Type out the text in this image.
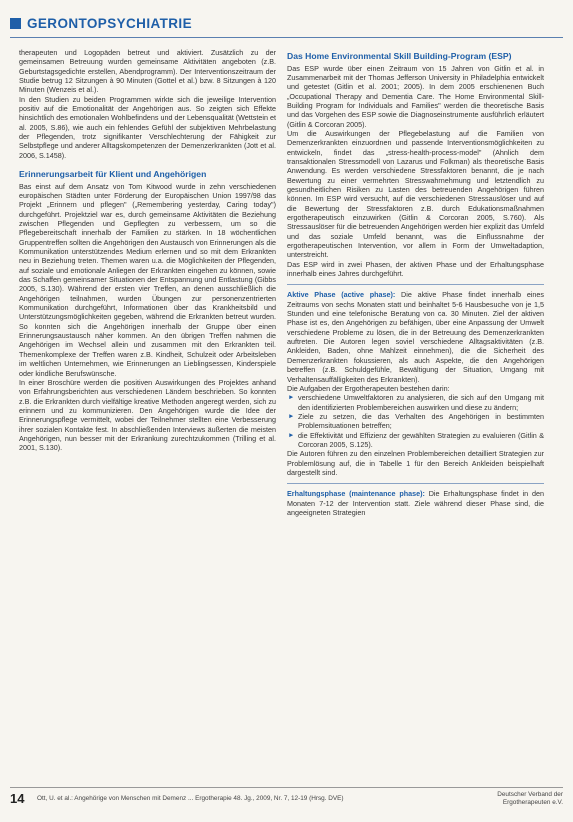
GERONTOPSYCHIATRIE

therapeuten und Logopäden betreut und aktiviert. Zusätzlich zu der gemeinsamen Betreuung wurden gemeinsame Aktivitäten angeboten (z.B. Geburtstagsgedichte erstellen, Abendprogramm). Der Interventionszeitraum der Studie betrug 12 Sitzungen à 90 Minuten (Gottel et al.) bzw. 8 Sitzungen à 120 Minuten (Wenzeis et al.).

In den Studien zu beiden Programmen wirkte sich die jeweilige Intervention positiv auf die Emotionalität der Angehörigen aus. So zeigten sich Effekte hinsichtlich des emotionalen Wohlbefindens und der Lebensqualität (Wettstein et al. 2005, S.86), wie auch ein fehlendes Gefühl der subjektiven Mehrbelastung der Pflegenden, trotz signifikanter Verschlechterung der Fähigkeit zur Selbstpflege und anderer Alltagskompetenzen der Demenzerkrankten (Jott et al. 2006, S.1458).

Erinnerungsarbeit für Klient und Angehörigen

Bas einst auf dem Ansatz von Tom Kitwood wurde in zehn verschiedenen europäischen Städten unter Förderung der Europäischen Union 1997/98 das Projekt „Erinnern und pflegen" („Remembering yesterday, Caring today") durchgeführt. Projektziel war es, durch gemeinsame Aktivitäten die Beziehung zwischen Pflegenden und Gepflegten zu verbessern, um so die Pflegebereitschaft innerhalb der Familien zu stärken. In 18 wöchentlichen Gruppentreffen sollten die Angehörigen den Austausch von Erinnerungen als die Kommunikation unterstützendes Medium erlernen und so mit dem Erkrankten neu in Beziehung treten. Themen waren u.a. die Möglichkeiten der Pflegenden, auf soziale und emotionale Anliegen der Erkrankten eingehen zu können, sowie das Schaffen gemeinsamer Situationen der Entspannung und Entlastung (Gibbs 2005, S.130). Während der ersten vier Treffen, an denen ausschließlich die Angehörigen teilnahmen, wurden Übungen zur personenzentrierten Kommunikation durchgeführt, Informationen über das Krankheitsbild und Unterstützungsmöglichkeiten gegeben, während die Erkrankten betreut wurden. So konnten sich die Angehörigen innerhalb der Gruppe über einen Erinnerungsaustausch näher kommen. An den übrigen Treffen nahmen die Angehörigen im Wechsel allein und zusammen mit den Erkrankten teil. Themenkomplexe der Treffen waren z.B. Kindheit, Schulzeit oder Arbeitsleben im weltlichen Unternehmen, wie Erinnerungen an Lieblingsessen, Kinderspiele oder kindliche Berufswünsche.

In einer Broschüre werden die positiven Auswirkungen des Projektes anhand von Erfahrungsberichten aus verschiedenen Ländern beschrieben. So konnten z.B. die Erkrankten durch vielfältige kreative Methoden angeregt werden, sich zu erinnern und zu kommunizieren. Den Angehörigen wurde die Idee der Erinnerungspflege vermittelt, wobei der Teilnehmer stellten eine Verbesserung ihrer sozialen Kontakte fest. In abschließenden Interviews äußerten die meisten Angehörigen, nun besser mit der Erkrankung zurechtzukommen (Trilling et al. 2001, S.130).

Das Home Environmental Skill Building-Program (ESP)

Das ESP wurde über einen Zeitraum von 15 Jahren von Gitlin et al. in Zusammenarbeit mit der Thomas Jefferson University in Philadelphia entwickelt und getestet (Gitlin et al. 2001; 2005). In dem 2005 erschienenen Buch „Occupational Therapy and Dementia Care. The Home Environmental Skill-Building Program for Individuals and Families" werden die theoretische Basis und das Vorgehen des ESP sowie die Diagnoseinstrumente ausführlich erläutert (Gitlin & Corcoran 2005).

Um die Auswirkungen der Pflegebelastung auf die Familien von Demenzerkrankten einzuordnen und passende Interventionsmöglichkeiten zu entwickeln, findet das „stress-health-process-model" (Ahnlich dem transaktionalen Stressmodell von Lazarus und Folkman) als theoretische Basis Anwendung. Es werden verschiedene Stressfaktoren benannt, die je nach Bewertung zu einer vermehrten Stresswahrnehmung und letztendlich zu gesundheitlichen Risiken zu Lasten des betreuenden Angehörigen führen können. Im ESP wird versucht, auf die verschiedenen Stressauslöser und auf die Bewertung der Stressfaktoren z.B. durch Edukationsmaßnahmen ergotherapeutisch einzuwirken (Gitlin & Corcoran 2005, S.760). Als Stressauslöser für die betreuenden Angehörigen werden hier explizit das Umfeld und das soziale Umfeld benannt, was die Einflussnahme der ergotherapeutischen Intervention, vor allem in Form der Umweltadaption, unterstreicht.

Das ESP wird in zwei Phasen, der aktiven Phase und der Erhaltungsphase innerhalb eines Jahres durchgeführt.

Aktive Phase (active phase): Die aktive Phase findet innerhalb eines Zeitraums von sechs Monaten statt und beinhaltet 5-6 Hausbesuche von je 1,5 Stunden und eine telefonische Beratung von ca. 30 Minuten. Ziel der aktiven Phase ist es, den Angehörigen zu befähigen, über eine Anpassung der Umwelt verschiedene Probleme zu lösen, die in der Betreuung des Demenzerkrankten auftreten. Die Autoren legen soviel verschiedene Alltagsaktivitäten (z.B. Ankleiden, Baden, ohne Mahlzeit einnehmen), die die Sicherheit des Demenzerkrankten fokussieren, als auch Aspekte, die den Angehörigen betreffen (z.B. Schuldgefühle, Bewältigung der Situation, Umgang mit Verhaltensauffälligkeiten des Erkrankten).

Die Aufgaben der Ergotherapeuten bestehen darin:

► verschiedene Umweltfaktoren zu analysieren, die sich auf den Umgang mit den identifizierten Problembereichen auswirken und diese zu ändern;
► Ziele zu setzen, die das Verhalten des Angehörigen in bestimmten Problemsituationen betreffen;
► die Effektivität und Effizienz der gewählten Strategien zu evaluieren (Gitlin & Corcoran 2005, S.125).

Die Autoren führen zu den einzelnen Problembereichen detailliert Strategien zur Problemlösung auf, die in Tabelle 1 für den Bereich Ankleiden beispielhaft dargestellt sind.

Erhaltungsphase (maintenance phase): Die Erhaltungsphase findet in den Monaten 7-12 der Intervention statt. Ziele während dieser Phase sind, die angeeigneten Strategien

14 Ott, U. et al.: Angehörige von Menschen mit Demenz ... Ergotherapie 48. Jg., 2009, Nr. 7, 12-19 (Hrsg. DVE)
Deutscher Verband der
Ergotherapeuten e.V.
